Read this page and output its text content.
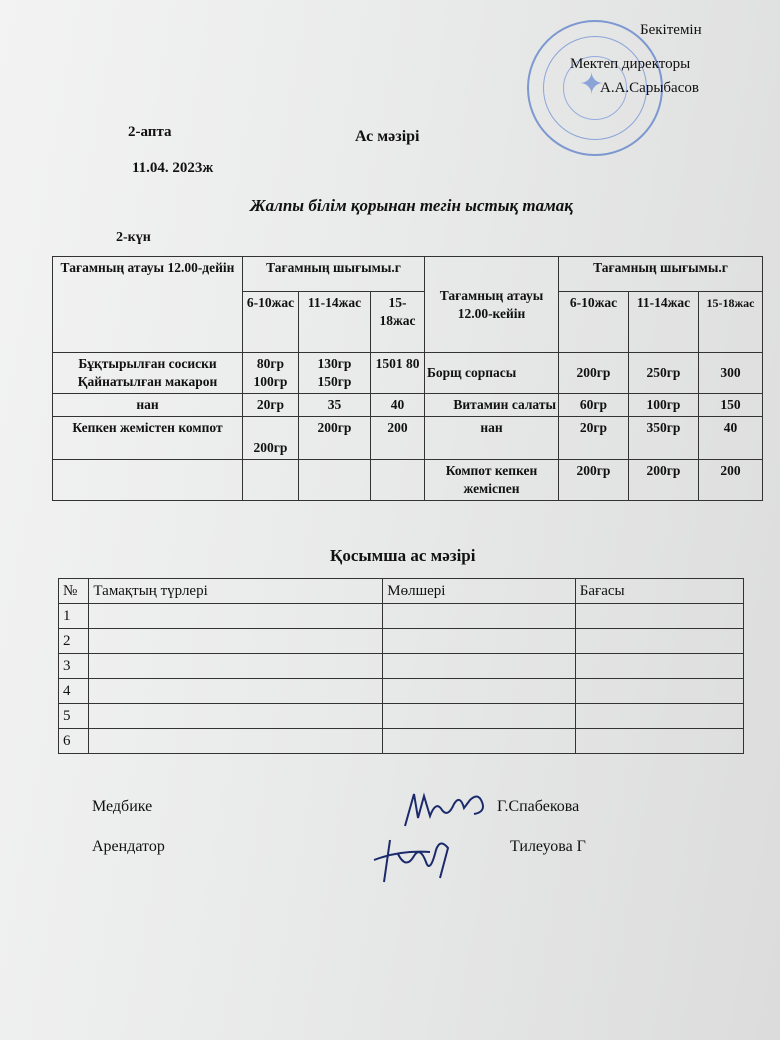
✦
Бекітемін
Мектеп директоры
А.А.Сарыбасов
2-апта	Ас мәзірі
11.04. 2023ж
Жалпы білім қорынан тегін ыстық тамақ
2-күн
Тағамның атауы 12.00-дейін	Тағамның шығымы.г			Тағамның атауы 12.00-кейін	Тағамның шығымы.г		
	6-10жас	11-14жас	15-18жас		6-10жас	11-14жас	15-18жас
Бұқтырылған сосиски Қайнатылған макарон	80гр 100гр	130гр 150гр	1501 80	Борщ сорпасы	200гр	250гр	300
нан	20гр	35	40	Витамин салаты	60гр	100гр	150
Кепкен жемістен компот	200гр	200гр	200	нан	20гр	350гр	40
				Компот кепкен жеміспен	200гр	200гр	200
Қосымша ас мәзірі
№	Тамақтың түрлері	Мөлшері	Бағасы
1			
2			
3			
4			
5			
6			
Медбике	Г.Спабекова
Арендатор	Тилеуова Г
